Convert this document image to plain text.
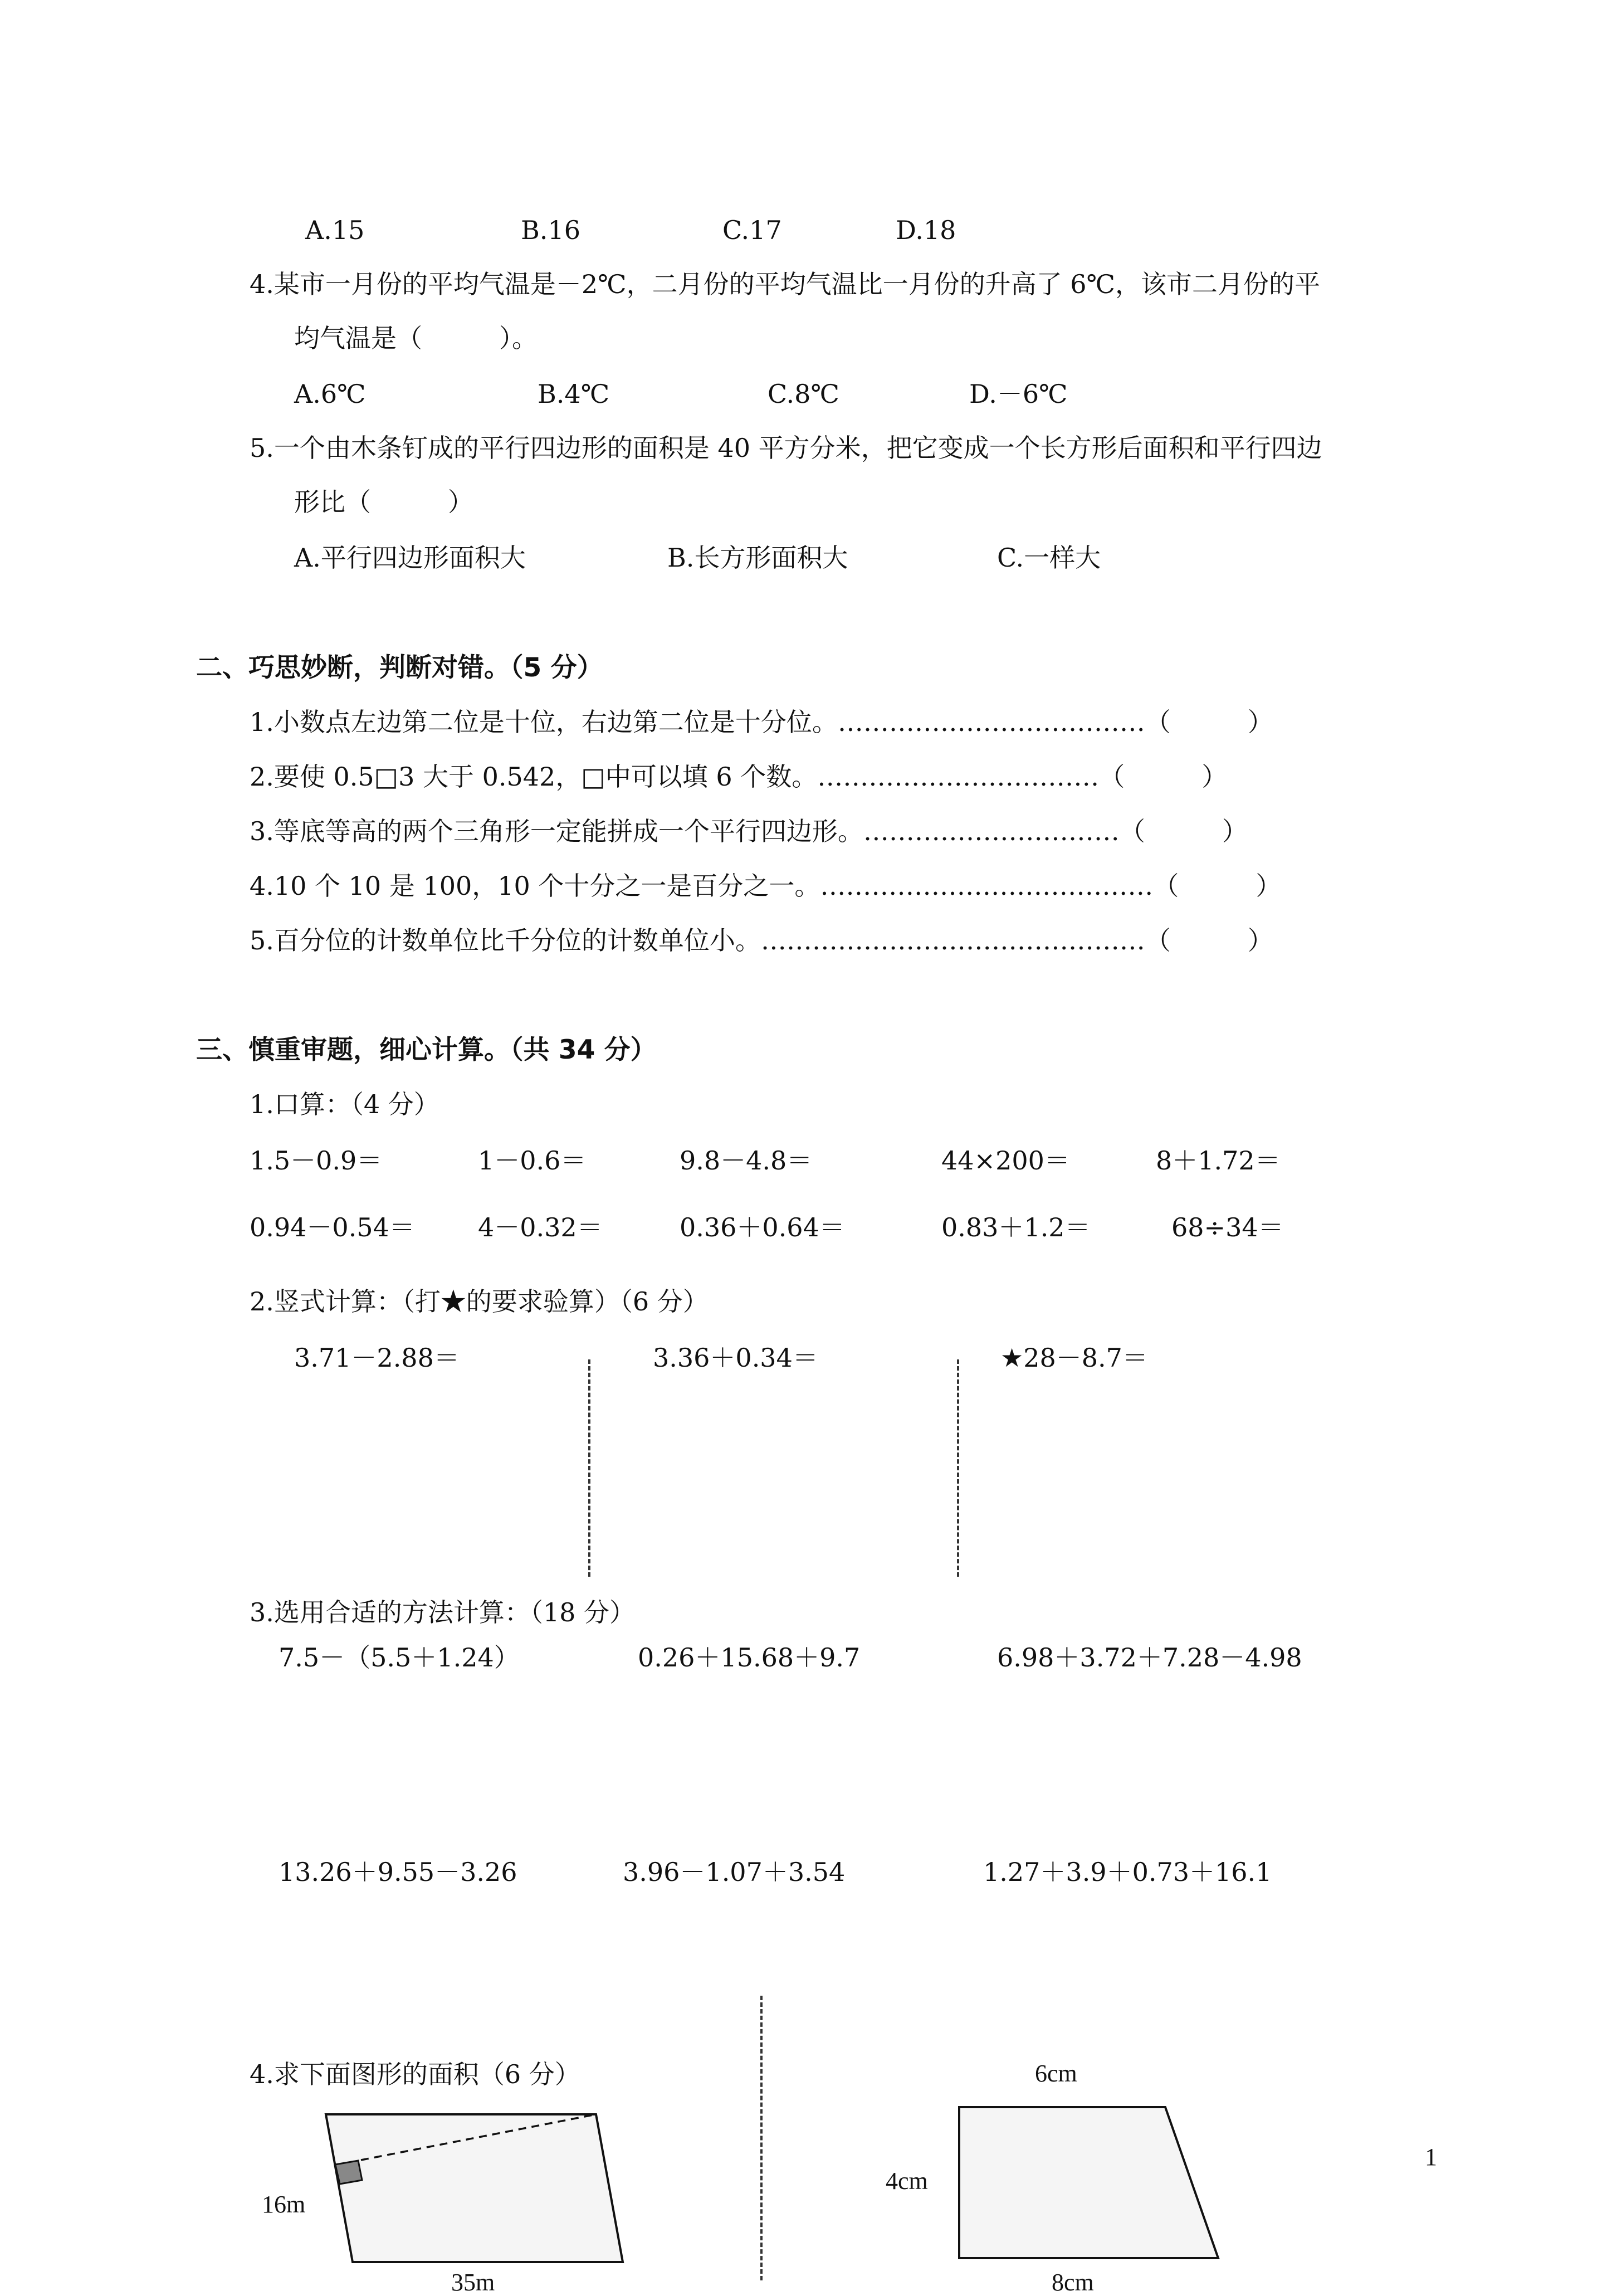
A.15	B.16	C.17	D.18
4.某市一月份的平均气温是－2℃，二月份的平均气温比一月份的升高了 6℃，该市二月份的平
均气温是（　　　）。
A.6℃	B.4℃	C.8℃	D.－6℃
5.一个由木条钉成的平行四边形的面积是 40 平方分米，把它变成一个长方形后面积和平行四边
形比（　　　）
A.平行四边形面积大	B.长方形面积大	C.一样大
二、巧思妙断，判断对错。（5 分）
1.小数点左边第二位是十位，右边第二位是十分位。………………………………（　　　）
2.要使 0.5□3 大于 0.542，□中可以填 6 个数。……………………………（　　　）
3.等底等高的两个三角形一定能拼成一个平行四边形。…………………………（　　　）
4.10 个 10 是 100，10 个十分之一是百分之一。…………………………………（　　　）
5.百分位的计数单位比千分位的计数单位小。………………………………………（　　　）
三、慎重审题，细心计算。（共 34 分）
1.口算：（4 分）
1.5－0.9＝	1－0.6＝	9.8－4.8＝	44×200＝	8＋1.72＝
0.94－0.54＝ 4－0.32＝	0.36＋0.64＝	0.83＋1.2＝	68÷34＝
2.竖式计算：（打★的要求验算）（6 分）
3.71－2.88＝	3.36＋0.34＝	★28－8.7＝
3.选用合适的方法计算：（18 分）
7.5－（5.5＋1.24）	0.26＋15.68＋9.7	6.98＋3.72＋7.28－4.98
13.26＋9.55－3.26	3.96－1.07＋3.54	1.27＋3.9＋0.73＋16.1
4.求下面图形的面积（6 分）
16m
35m
6cm
4cm
8cm
1
